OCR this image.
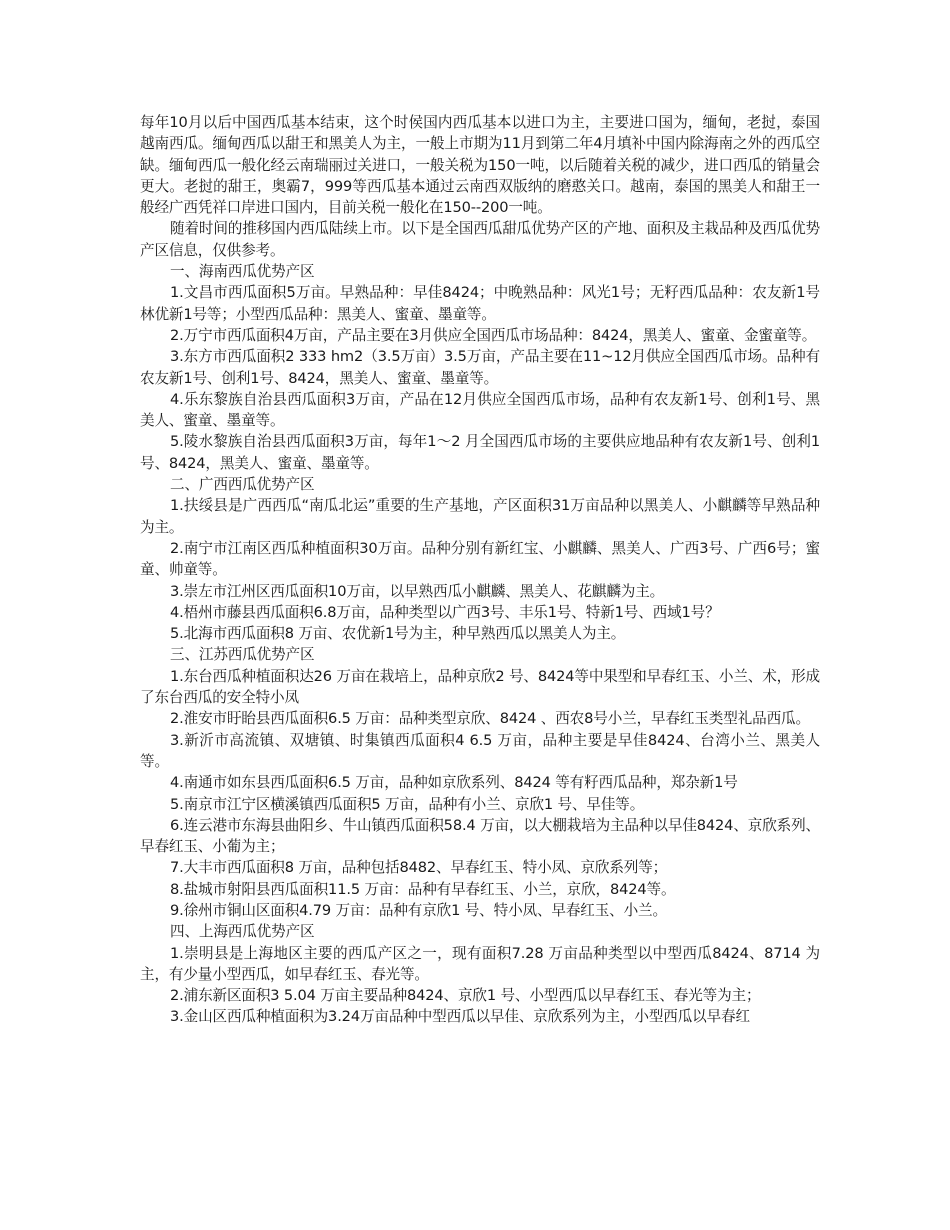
每年10月以后中国西瓜基本结束，这个时侯国内西瓜基本以进口为主，主要进口国为，缅甸，老挝，泰国越南西瓜。缅甸西瓜以甜王和黑美人为主，一般上市期为11月到第二年4月填补中国内除海南之外的西瓜空缺。缅甸西瓜一般化经云南瑞丽过关进口，一般关税为150一吨，以后随着关税的减少，进口西瓜的销量会更大。老挝的甜王，奥霸7，999等西瓜基本通过云南西双版纳的磨憨关口。越南，泰国的黑美人和甜王一般经广西凭祥口岸进口国内，目前关税一般化在150--200一吨。

随着时间的推移国内西瓜陆续上市。以下是全国西瓜甜瓜优势产区的产地、面积及主栽品种及西瓜优势产区信息，仅供参考。

一、海南西瓜优势产区

1.文昌市西瓜面积5万亩。早熟品种：早佳8424；中晚熟品种：风光1号；无籽西瓜品种：农友新1号林优新1号等；小型西瓜品种：黑美人、蜜童、墨童等。

2.万宁市西瓜面积4万亩，产品主要在3月供应全国西瓜市场品种：8424，黑美人、蜜童、金蜜童等。

3.东方市西瓜面积2 333 hm2（3.5万亩）3.5万亩，产品主要在11~12月供应全国西瓜市场。品种有农友新1号、创利1号、8424，黑美人、蜜童、墨童等。

4.乐东黎族自治县西瓜面积3万亩，产品在12月供应全国西瓜市场，品种有农友新1号、创利1号、黑美人、蜜童、墨童等。

5.陵水黎族自治县西瓜面积3万亩，每年1～2 月全国西瓜市场的主要供应地品种有农友新1号、创利1号、8424，黑美人、蜜童、墨童等。

二、广西西瓜优势产区

1.扶绥县是广西西瓜“南瓜北运”重要的生产基地，产区面积31万亩品种以黑美人、小麒麟等早熟品种为主。

2.南宁市江南区西瓜种植面积30万亩。品种分别有新红宝、小麒麟、黑美人、广西3号、广西6号；蜜童、帅童等。

3.崇左市江州区西瓜面积10万亩，以早熟西瓜小麒麟、黑美人、花麒麟为主。

4.梧州市藤县西瓜面积6.8万亩，品种类型以广西3号、丰乐1号、特新1号、西域1号？

5.北海市西瓜面积8 万亩、农优新1号为主，种早熟西瓜以黑美人为主。

三、江苏西瓜优势产区

1.东台西瓜种植面积达26 万亩在栽培上，品种京欣2 号、8424等中果型和早春红玉、小兰、术，形成了东台西瓜的安全特小凤

2.淮安市盱眙县西瓜面积6.5 万亩：品种类型京欣、8424 、西农8号小兰，早春红玉类型礼品西瓜。

3.新沂市高流镇、双塘镇、时集镇西瓜面积4 6.5 万亩，品种主要是早佳8424、台湾小兰、黑美人等。

4.南通市如东县西瓜面积6.5 万亩，品种如京欣系列、8424 等有籽西瓜品种，郑杂新1号

5.南京市江宁区横溪镇西瓜面积5 万亩，品种有小兰、京欣1 号、早佳等。

6.连云港市东海县曲阳乡、牛山镇西瓜面积58.4 万亩，以大棚栽培为主品种以早佳8424、京欣系列、早春红玉、小葡为主；

7.大丰市西瓜面积8 万亩，品种包括8482、早春红玉、特小凤、京欣系列等；

8.盐城市射阳县西瓜面积11.5 万亩：品种有早春红玉、小兰，京欣，8424等。

9.徐州市铜山区面积4.79 万亩：品种有京欣1 号、特小凤、早春红玉、小兰。

四、上海西瓜优势产区

1.崇明县是上海地区主要的西瓜产区之一，现有面积7.28 万亩品种类型以中型西瓜8424、8714 为主，有少量小型西瓜，如早春红玉、春光等。

2.浦东新区面积3 5.04 万亩主要品种8424、京欣1 号、小型西瓜以早春红玉、春光等为主；

3.金山区西瓜种植面积为3.24万亩品种中型西瓜以早佳、京欣系列为主，小型西瓜以早春红
